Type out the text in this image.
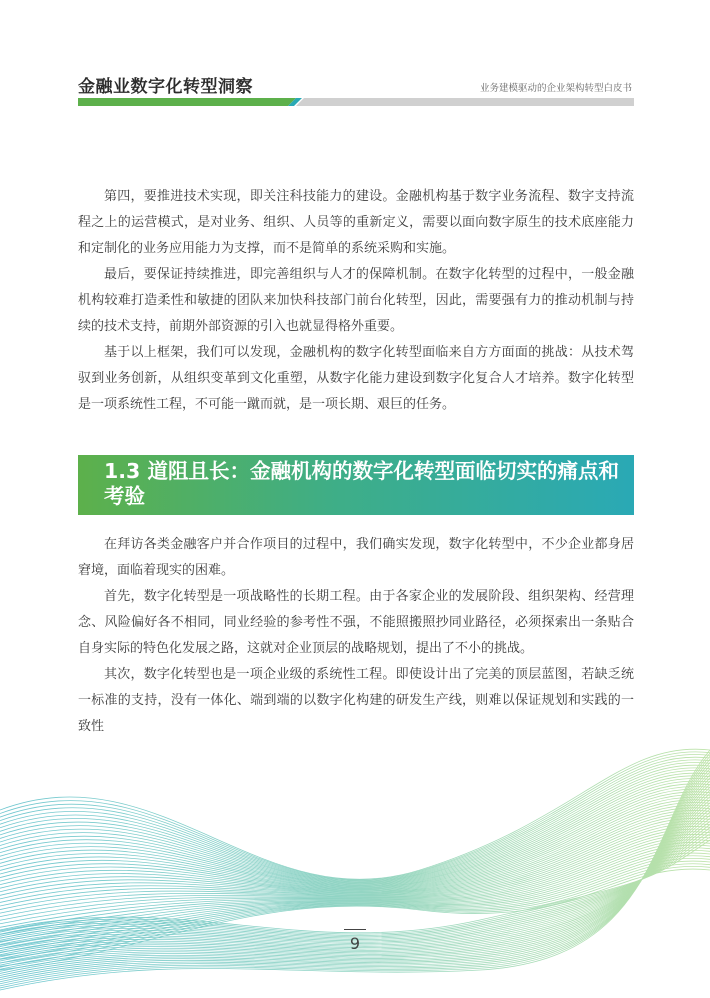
金融业数字化转型洞察	业务建模驱动的企业架构转型白皮书

第四，要推进技术实现，即关注科技能力的建设。金融机构基于数字业务流程、数字支持流程之上的运营模式，是对业务、组织、人员等的重新定义，需要以面向数字原生的技术底座能力和定制化的业务应用能力为支撑，而不是简单的系统采购和实施。

最后，要保证持续推进，即完善组织与人才的保障机制。在数字化转型的过程中，一般金融机构较难打造柔性和敏捷的团队来加快科技部门前台化转型，因此，需要强有力的推动机制与持续的技术支持，前期外部资源的引入也就显得格外重要。

基于以上框架，我们可以发现，金融机构的数字化转型面临来自方方面面的挑战：从技术驾驭到业务创新，从组织变革到文化重塑，从数字化能力建设到数字化复合人才培养。数字化转型是一项系统性工程，不可能一蹴而就，是一项长期、艰巨的任务。

1.3 道阻且长：金融机构的数字化转型面临切实的痛点和考验

在拜访各类金融客户并合作项目的过程中，我们确实发现，数字化转型中，不少企业都身居窘境，面临着现实的困难。

首先，数字化转型是一项战略性的长期工程。由于各家企业的发展阶段、组织架构、经营理念、风险偏好各不相同，同业经验的参考性不强，不能照搬照抄同业路径，必须探索出一条贴合自身实际的特色化发展之路，这就对企业顶层的战略规划，提出了不小的挑战。

其次，数字化转型也是一项企业级的系统性工程。即使设计出了完美的顶层蓝图，若缺乏统一标准的支持，没有一体化、端到端的以数字化构建的研发生产线，则难以保证规划和实践的一致性

9
